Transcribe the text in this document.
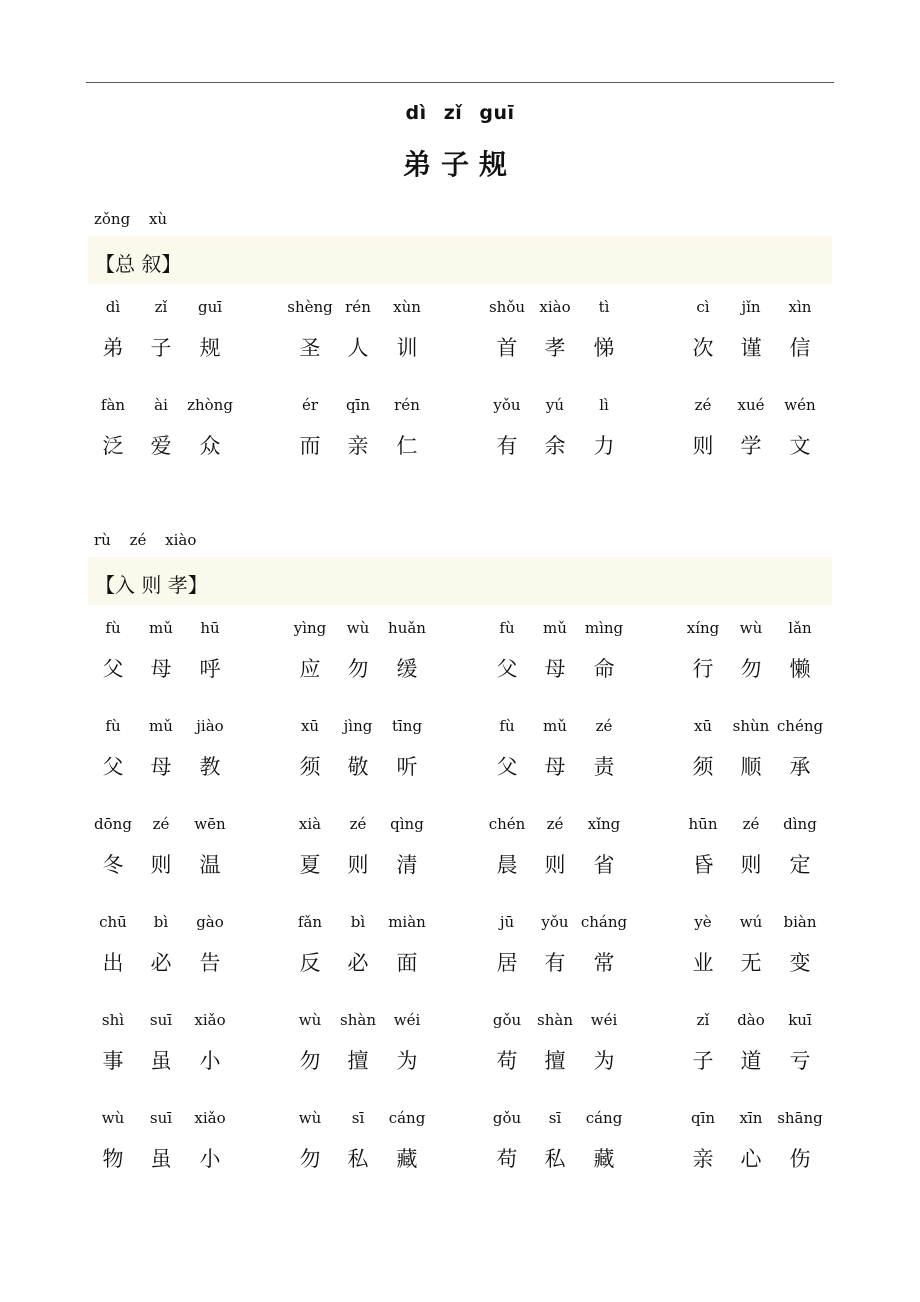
dì zǐ guī
弟子规
zǒng xù
【总 叙】
dì
弟
zǐ
子
guī
规
shèng
圣
rén
人
xùn
训
shǒu
首
xiào
孝
tì
悌
cì
次
jǐn
谨
xìn
信
fàn
泛
ài
爱
zhòng
众
ér
而
qīn
亲
rén
仁
yǒu
有
yú
余
lì
力
zé
则
xué
学
wén
文
rù zé xiào
【入 则 孝】
fù
父
mǔ
母
hū
呼
yìng
应
wù
勿
huǎn
缓
fù
父
mǔ
母
mìng
命
xíng
行
wù
勿
lǎn
懒
fù
父
mǔ
母
jiào
教
xū
须
jìng
敬
tīng
听
fù
父
mǔ
母
zé
责
xū
须
shùn
顺
chéng
承
dōng
冬
zé
则
wēn
温
xià
夏
zé
则
qìng
清
chén
晨
zé
则
xǐng
省
hūn
昏
zé
则
dìng
定
chū
出
bì
必
gào
告
fǎn
反
bì
必
miàn
面
jū
居
yǒu
有
cháng
常
yè
业
wú
无
biàn
变
shì
事
suī
虽
xiǎo
小
wù
勿
shàn
擅
wéi
为
gǒu
苟
shàn
擅
wéi
为
zǐ
子
dào
道
kuī
亏
wù
物
suī
虽
xiǎo
小
wù
勿
sī
私
cáng
藏
gǒu
苟
sī
私
cáng
藏
qīn
亲
xīn
心
shāng
伤
